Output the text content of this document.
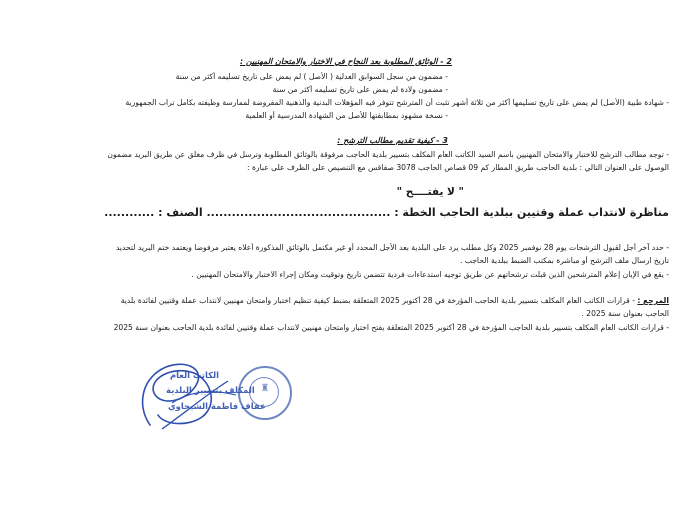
2 - الوثائق المطلوبة بعد النجاح في الاختبار والامتحان المهنيين :
- مضمون من سجل السوابق العدلية ( الأصل ) لم يمض على تاريخ تسليمه أكثر من سنة
- مضمون ولادة لم يمض على تاريخ تسليمه أكثر من سنة
- شهادة طبية (الأصل) لم يمض على تاريخ تسليمها أكثر من ثلاثة أشهر تثبت أن المترشح تتوفر فيه المؤهلات البدنية والذهنية المفروضة لممارسة وظيفته بكامل تراب الجمهورية
- نسخة مشهود بمطابقتها للأصل من الشهادة المدرسية أو العلمية
3 - كيفية تقديم مطالب الترشح :
- توجه مطالب الترشح للاختبار والامتحان المهنيين باسم السيد الكاتب العام المكلف بتسيير بلدية الحاجب مرفوقة بالوثائق المطلوبة وترسل في ظرف مغلق عن طريق البريد مضمون
الوصول على العنوان التالي : بلدية الحاجب طريق المطار كم 09 قصاص الحاجب 3078 صفاقس مع التنصيص على الظرف على عبارة :
" لا يفتــــح "
مناظرة لانتداب عملة وقتيين ببلدية الحاجب الخطة : ............................................ الصنف : ............
- حدد آخر أجل لقبول الترشحات يوم 28 نوفمبر 2025 وكل مطلب يرد على البلدية بعد الأجل المحدد أو غير مكتمل بالوثائق المذكورة أعلاه يعتبر مرفوضا ويعتمد ختم البريد لتحديد
تاريخ ارسال ملف الترشح أو مباشرة بمكتب الضبط ببلدية الحاجب .
- يقع في الإبان إعلام المترشحين الذين قبلت ترشحاتهم عن طريق توجيه استدعاءات فردية تتضمن تاريخ وتوقيت ومكان إجراء الاختبار والامتحان المهنيين .
المرجع : - قرارات الكاتب العام المكلف بتسيير بلدية الحاجب المؤرخة في 28 أكتوبر 2025 المتعلقة بضبط كيفية تنظيم اختبار وامتحان مهنيين لانتداب عملة وقتيين لفائدة بلدية
الحاجب بعنوان سنة 2025 .
- قرارات الكاتب العام المكلف بتسيير بلدية الحاجب المؤرخة في 28 أكتوبر 2025 المتعلقة بفتح اختبار وامتحان مهنيين لانتداب عملة وقتيين لفائدة بلدية الحاجب بعنوان سنة 2025
♜
الكاتب العام
المكلف بتسيير البلدية
عفاف فاطمة الشيحاوي
